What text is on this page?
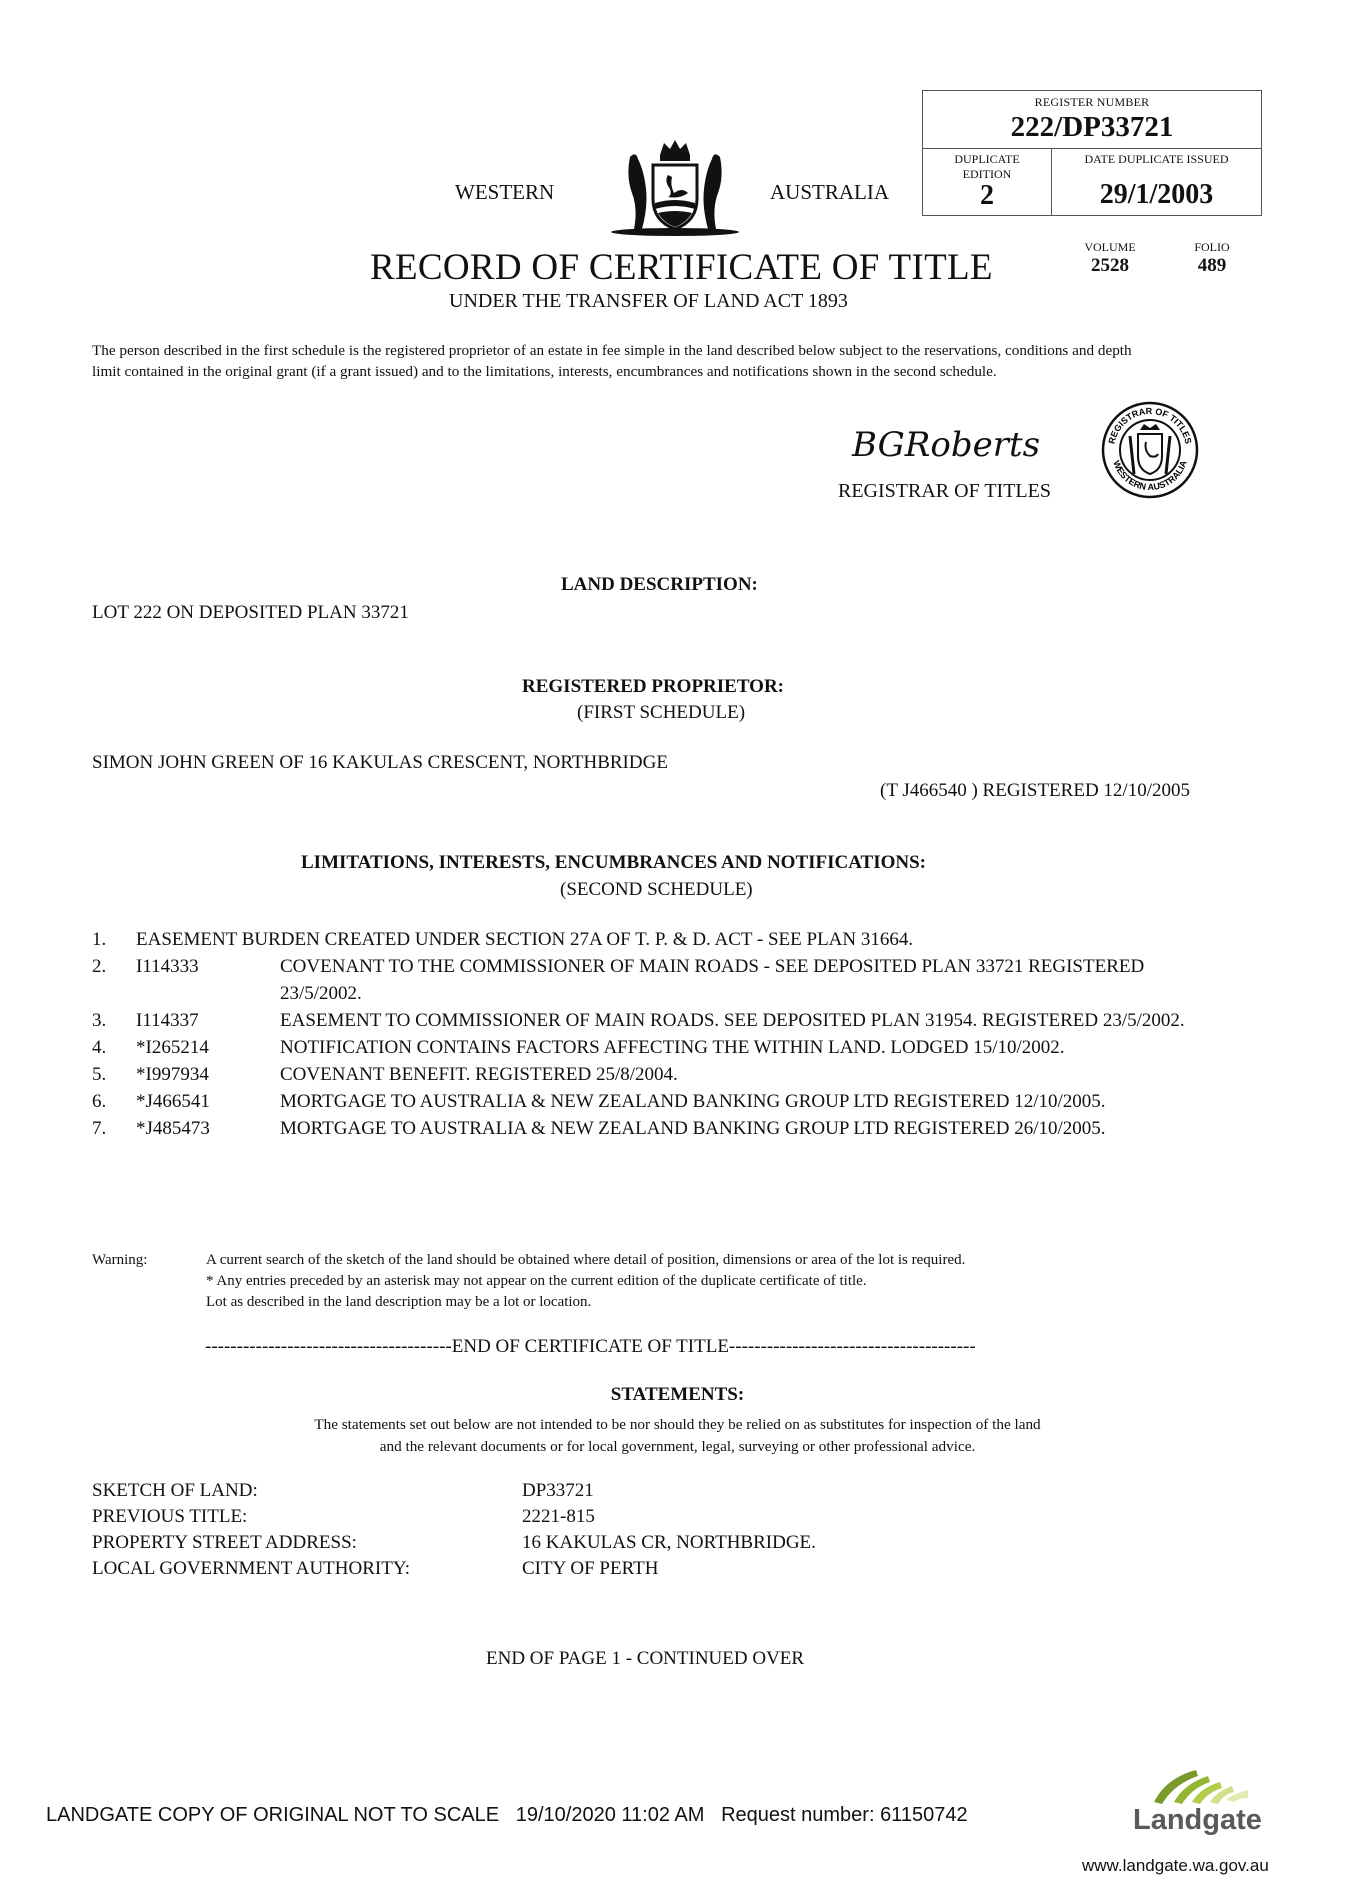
WESTERN	AUSTRALIA
REGISTER NUMBER
222/DP33721
DUPLICATE
EDITION
2
DATE DUPLICATE ISSUED
29/1/2003
VOLUME
2528
FOLIO
489
RECORD OF CERTIFICATE OF TITLE
UNDER THE TRANSFER OF LAND ACT 1893
The person described in the first schedule is the registered proprietor of an estate in fee simple in the land described below subject to the reservations, conditions and depth limit contained in the original grant (if a grant issued) and to the limitations, interests, encumbrances and notifications shown in the second schedule.
BGRoberts
REGISTRAR OF TITLES
REGISTRAR OF TITLES
WESTERN AUSTRALIA
LAND DESCRIPTION:
LOT 222 ON DEPOSITED PLAN 33721
REGISTERED PROPRIETOR:
(FIRST SCHEDULE)
SIMON JOHN GREEN OF 16 KAKULAS CRESCENT, NORTHBRIDGE
(T J466540 ) REGISTERED 12/10/2005
LIMITATIONS, INTERESTS, ENCUMBRANCES AND NOTIFICATIONS:
(SECOND SCHEDULE)
1.	EASEMENT BURDEN CREATED UNDER SECTION 27A OF T. P. & D. ACT - SEE PLAN 31664.
2.	I114333	COVENANT TO THE COMMISSIONER OF MAIN ROADS - SEE DEPOSITED PLAN 33721 REGISTERED 23/5/2002.
3.	I114337	EASEMENT TO COMMISSIONER OF MAIN ROADS. SEE DEPOSITED PLAN 31954. REGISTERED 23/5/2002.
4.	*I265214	NOTIFICATION CONTAINS FACTORS AFFECTING THE WITHIN LAND. LODGED 15/10/2002.
5.	*I997934	COVENANT BENEFIT. REGISTERED 25/8/2004.
6.	*J466541	MORTGAGE TO AUSTRALIA & NEW ZEALAND BANKING GROUP LTD REGISTERED 12/10/2005.
7.	*J485473	MORTGAGE TO AUSTRALIA & NEW ZEALAND BANKING GROUP LTD REGISTERED 26/10/2005.
Warning:	A current search of the sketch of the land should be obtained where detail of position, dimensions or area of the lot is required.
* Any entries preceded by an asterisk may not appear on the current edition of the duplicate certificate of title.
Lot as described in the land description may be a lot or location.
---------------------------------------END OF CERTIFICATE OF TITLE---------------------------------------
STATEMENTS:
The statements set out below are not intended to be nor should they be relied on as substitutes for inspection of the land
and the relevant documents or for local government, legal, surveying or other professional advice.
SKETCH OF LAND:	DP33721
PREVIOUS TITLE:	2221-815
PROPERTY STREET ADDRESS:	16 KAKULAS CR, NORTHBRIDGE.
LOCAL GOVERNMENT AUTHORITY:	CITY OF PERTH
END OF PAGE 1 - CONTINUED OVER
LANDGATE COPY OF ORIGINAL NOT TO SCALE   19/10/2020 11:02 AM   Request number: 61150742	Landgate
www.landgate.wa.gov.au
